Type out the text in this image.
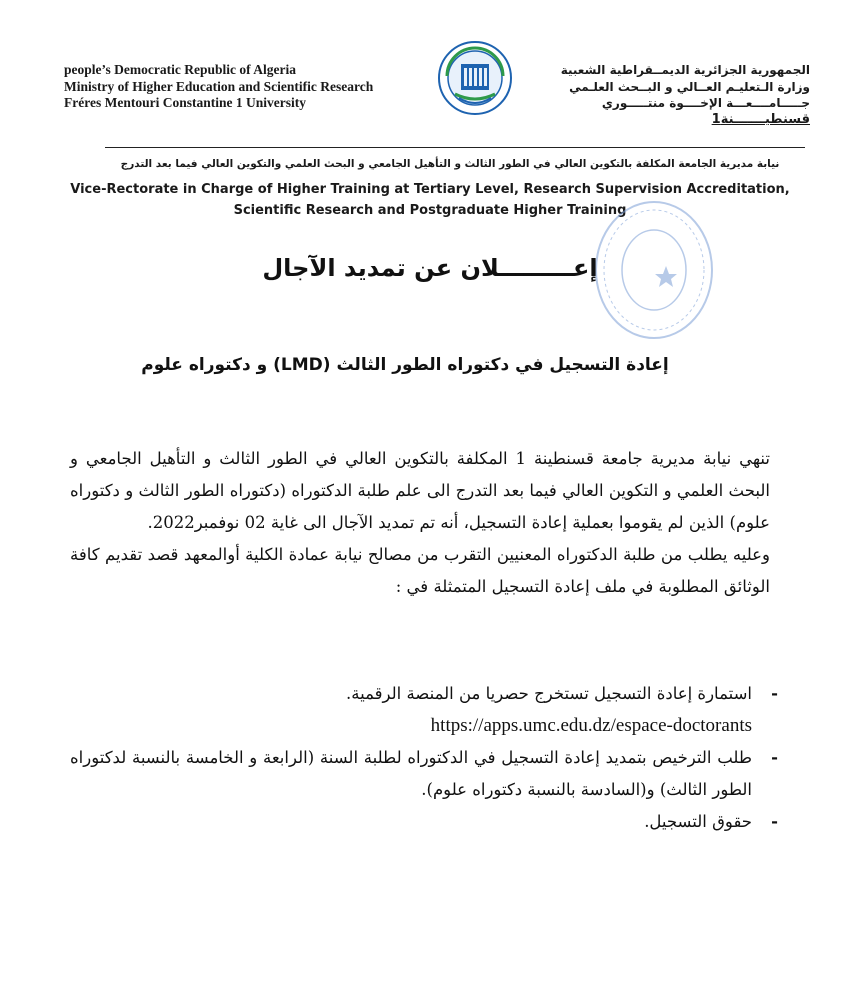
people’s Democratic Republic of Algeria
Ministry of Higher Education and Scientific Research
Fréres Mentouri Constantine 1 University
الجمهورية الجزائرية الديمــقراطية الشعبية
وزارة الـتعليـم العــالي و البــحث العلـمي
جـــــامــــعـــة الإخــــوة منتـــــوري
قسنطيـــــــنة1
نيابة مديرية الجامعة المكلفة بالتكوين العالي في الطور الثالث و التأهيل الجامعي و البحث العلمي والتكوين العالي فيما بعد التدرج
Vice-Rectorate in Charge of Higher Training at Tertiary Level, Research Supervision Accreditation, Scientific Research and Postgraduate Higher Training
إعـــــــــلان عن تمديد الآجال
إعادة التسجيل في دكتوراه الطور الثالث (LMD) و دكتوراه علوم

تنهي نيابة مديرية جامعة قسنطينة 1 المكلفة بالتكوين العالي في الطور الثالث و التأهيل الجامعي و البحث العلمي و التكوين العالي فيما بعد التدرج الى علم طلبة الدكتوراه (دكتوراه الطور الثالث و دكتوراه علوم) الذين لم يقوموا بعملية إعادة التسجيل، أنه تم تمديد الآجال الى غاية 02 نوفمبر2022.

وعليه يطلب من طلبة الدكتوراه المعنيين التقرب من مصالح نيابة عمادة الكلية أوالمعهد قصد تقديم كافة الوثائق المطلوبة في ملف إعادة التسجيل المتمثلة في :

-
استمارة إعادة التسجيل تستخرج حصريا من المنصة الرقمية.
https://apps.umc.edu.dz/espace-doctorants
-
طلب الترخيص بتمديد إعادة التسجيل في الدكتوراه لطلبة السنة (الرابعة و الخامسة بالنسبة لدكتوراه الطور الثالث) و(السادسة بالنسبة دكتوراه علوم).
-
حقوق التسجيل.
